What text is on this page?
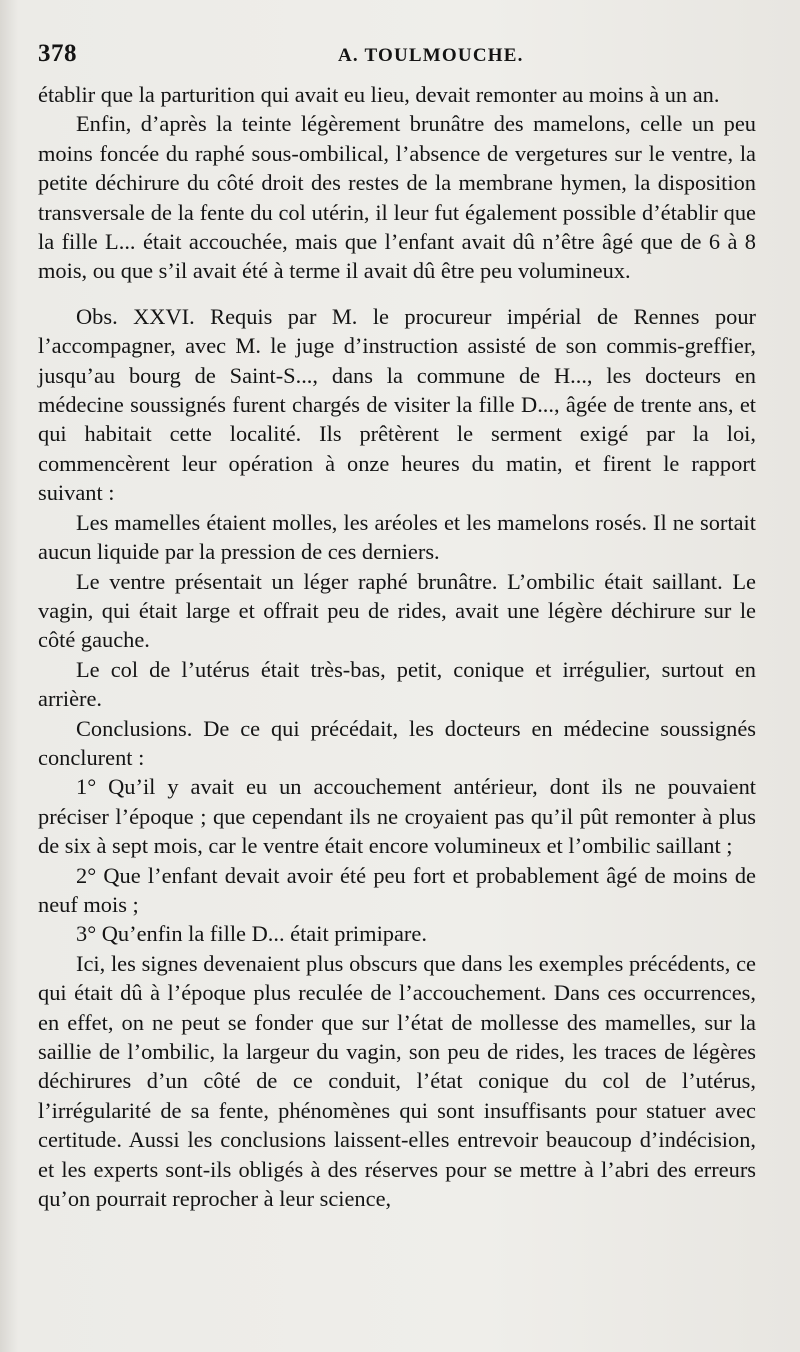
378	A. TOULMOUCHE.

établir que la parturition qui avait eu lieu, devait remonter au moins à un an.

Enfin, d’après la teinte légèrement brunâtre des mamelons, celle un peu moins foncée du raphé sous-ombilical, l’absence de vergetures sur le ventre, la petite déchirure du côté droit des restes de la membrane hymen, la disposition transversale de la fente du col utérin, il leur fut également possible d’établir que la fille L... était accouchée, mais que l’enfant avait dû n’être âgé que de 6 à 8 mois, ou que s’il avait été à terme il avait dû être peu volumineux.

Obs. XXVI. Requis par M. le procureur impérial de Rennes pour l’accompagner, avec M. le juge d’instruction assisté de son commis-greffier, jusqu’au bourg de Saint-S..., dans la commune de H..., les docteurs en médecine soussignés furent chargés de visiter la fille D..., âgée de trente ans, et qui habitait cette localité. Ils prêtèrent le serment exigé par la loi, commencèrent leur opération à onze heures du matin, et firent le rapport suivant :

Les mamelles étaient molles, les aréoles et les mamelons rosés. Il ne sortait aucun liquide par la pression de ces derniers.

Le ventre présentait un léger raphé brunâtre. L’ombilic était saillant. Le vagin, qui était large et offrait peu de rides, avait une légère déchirure sur le côté gauche.

Le col de l’utérus était très-bas, petit, conique et irrégulier, surtout en arrière.

Conclusions. De ce qui précédait, les docteurs en médecine soussignés conclurent :

1° Qu’il y avait eu un accouchement antérieur, dont ils ne pouvaient préciser l’époque ; que cependant ils ne croyaient pas qu’il pût remonter à plus de six à sept mois, car le ventre était encore volumineux et l’ombilic saillant ;

2° Que l’enfant devait avoir été peu fort et probablement âgé de moins de neuf mois ;

3° Qu’enfin la fille D... était primipare.

Ici, les signes devenaient plus obscurs que dans les exemples précédents, ce qui était dû à l’époque plus reculée de l’accouchement. Dans ces occurrences, en effet, on ne peut se fonder que sur l’état de mollesse des mamelles, sur la saillie de l’ombilic, la largeur du vagin, son peu de rides, les traces de légères déchirures d’un côté de ce conduit, l’état conique du col de l’utérus, l’irrégularité de sa fente, phénomènes qui sont insuffisants pour statuer avec certitude. Aussi les conclusions laissent-elles entrevoir beaucoup d’indécision, et les experts sont-ils obligés à des réserves pour se mettre à l’abri des erreurs qu’on pourrait reprocher à leur science,
